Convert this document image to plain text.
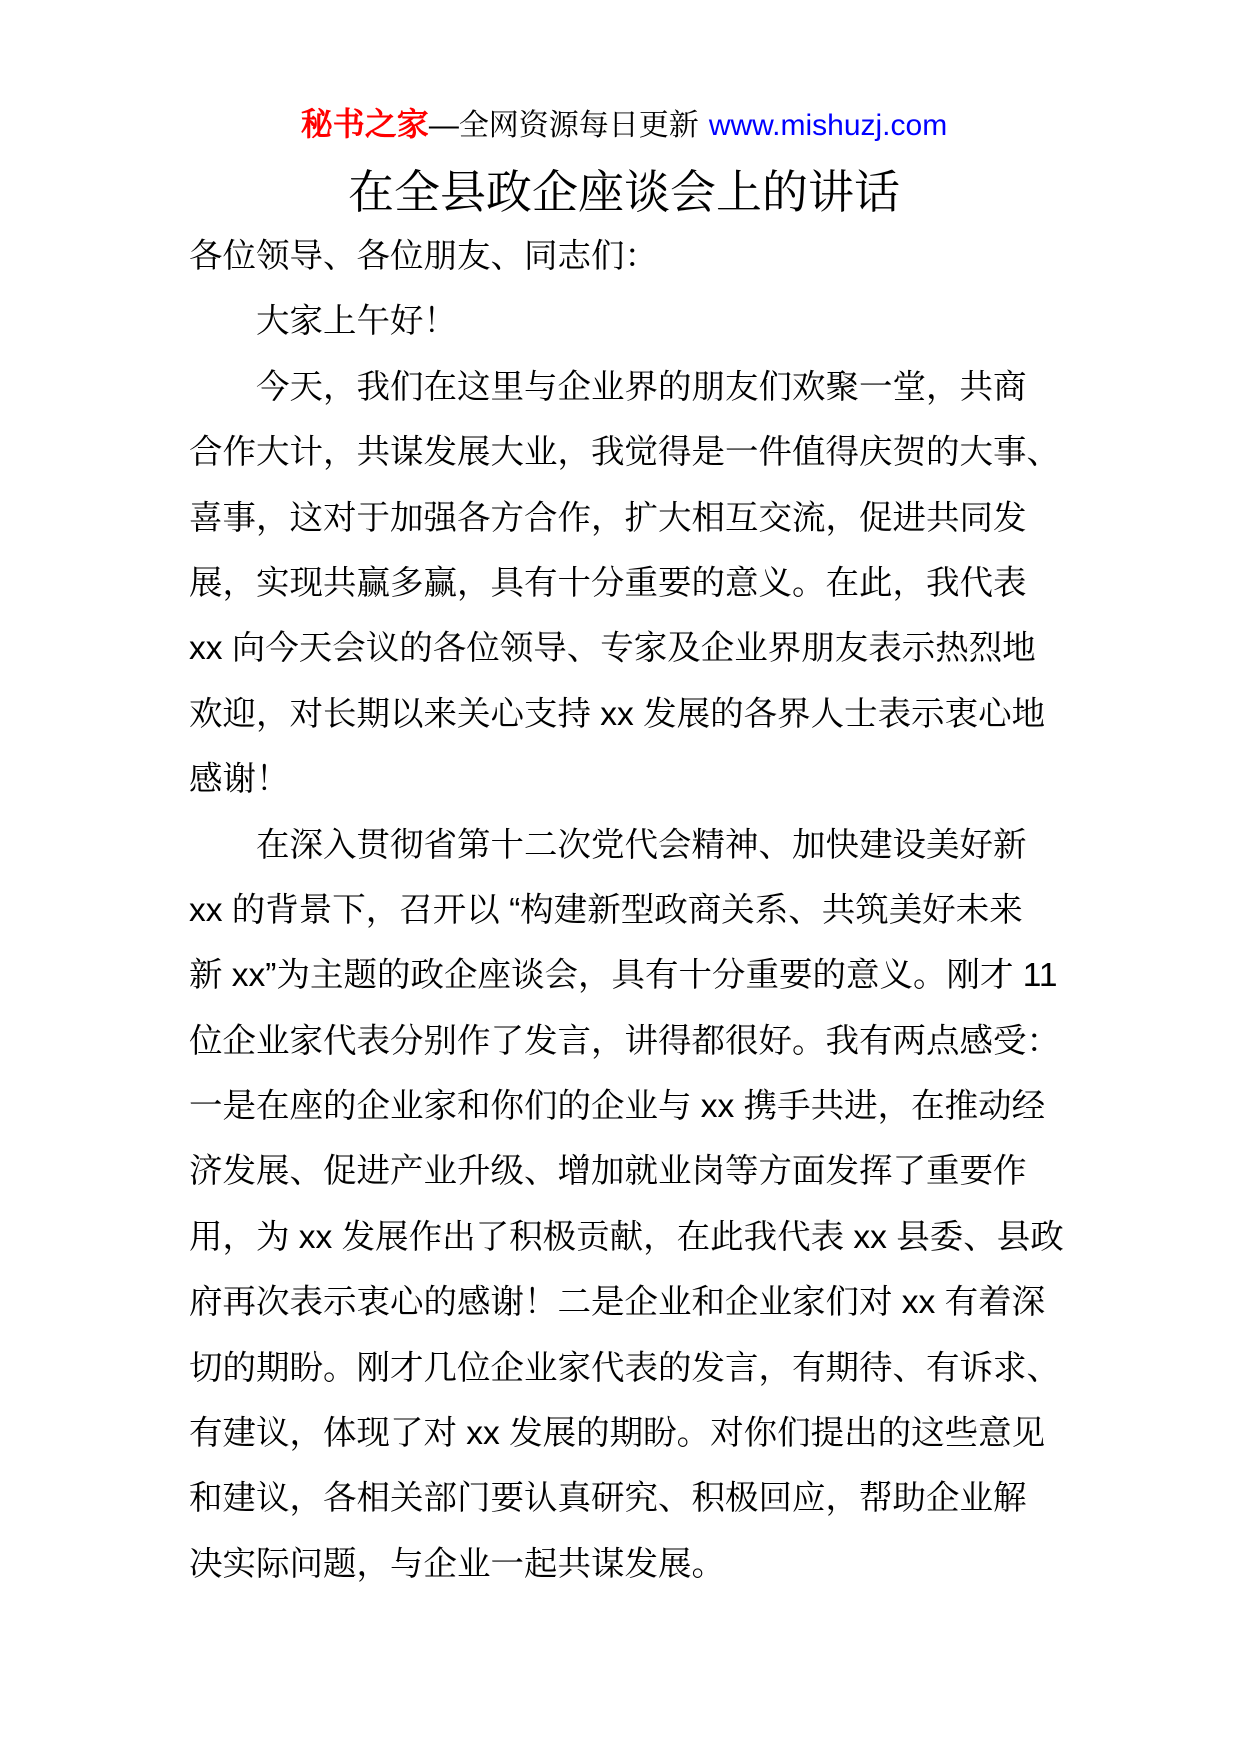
秘书之家—全网资源每日更新 www.mishuzj.com
在全县政企座谈会上的讲话
各位领导、各位朋友、同志们：
大家上午好！
今天，我们在这里与企业界的朋友们欢聚一堂，共商
合作大计，共谋发展大业，我觉得是一件值得庆贺的大事、
喜事，这对于加强各方合作，扩大相互交流，促进共同发
展，实现共赢多赢，具有十分重要的意义。在此，我代表
xx 向今天会议的各位领导、专家及企业界朋友表示热烈地
欢迎，对长期以来关心支持 xx 发展的各界人士表示衷心地
感谢！
在深入贯彻省第十二次党代会精神、加快建设美好新
xx 的背景下，召开以 “构建新型政商关系、共筑美好未来
新 xx”为主题的政企座谈会，具有十分重要的意义。刚才 11
位企业家代表分别作了发言，讲得都很好。我有两点感受：
一是在座的企业家和你们的企业与 xx 携手共进，在推动经
济发展、促进产业升级、增加就业岗等方面发挥了重要作
用，为 xx 发展作出了积极贡献，在此我代表 xx 县委、县政
府再次表示衷心的感谢！二是企业和企业家们对 xx 有着深
切的期盼。刚才几位企业家代表的发言，有期待、有诉求、
有建议，体现了对 xx 发展的期盼。对你们提出的这些意见
和建议，各相关部门要认真研究、积极回应，帮助企业解
决实际问题，与企业一起共谋发展。
